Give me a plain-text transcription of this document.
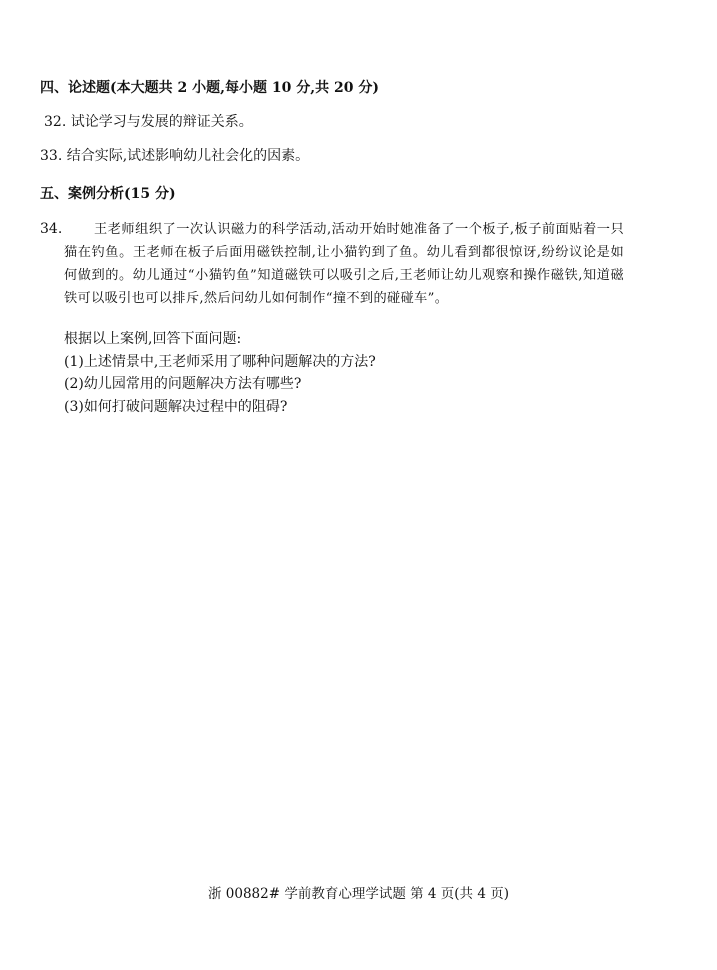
四、论述题(本大题共 2 小题,每小题 10 分,共 20 分)
32. 试论学习与发展的辩证关系。
33. 结合实际,试述影响幼儿社会化的因素。
五、案例分析(15 分)
34.	王老师组织了一次认识磁力的科学活动,活动开始时她准备了一个板子,板子前面贴着一只猫在钓鱼。王老师在板子后面用磁铁控制,让小猫钓到了鱼。幼儿看到都很惊讶,纷纷议论是如何做到的。幼儿通过“小猫钓鱼”知道磁铁可以吸引之后,王老师让幼儿观察和操作磁铁,知道磁铁可以吸引也可以排斥,然后问幼儿如何制作“撞不到的碰碰车”。
根据以上案例,回答下面问题:
(1)上述情景中,王老师采用了哪种问题解决的方法?
(2)幼儿园常用的问题解决方法有哪些?
(3)如何打破问题解决过程中的阻碍?
浙 00882# 学前教育心理学试题 第 4 页(共 4 页)
